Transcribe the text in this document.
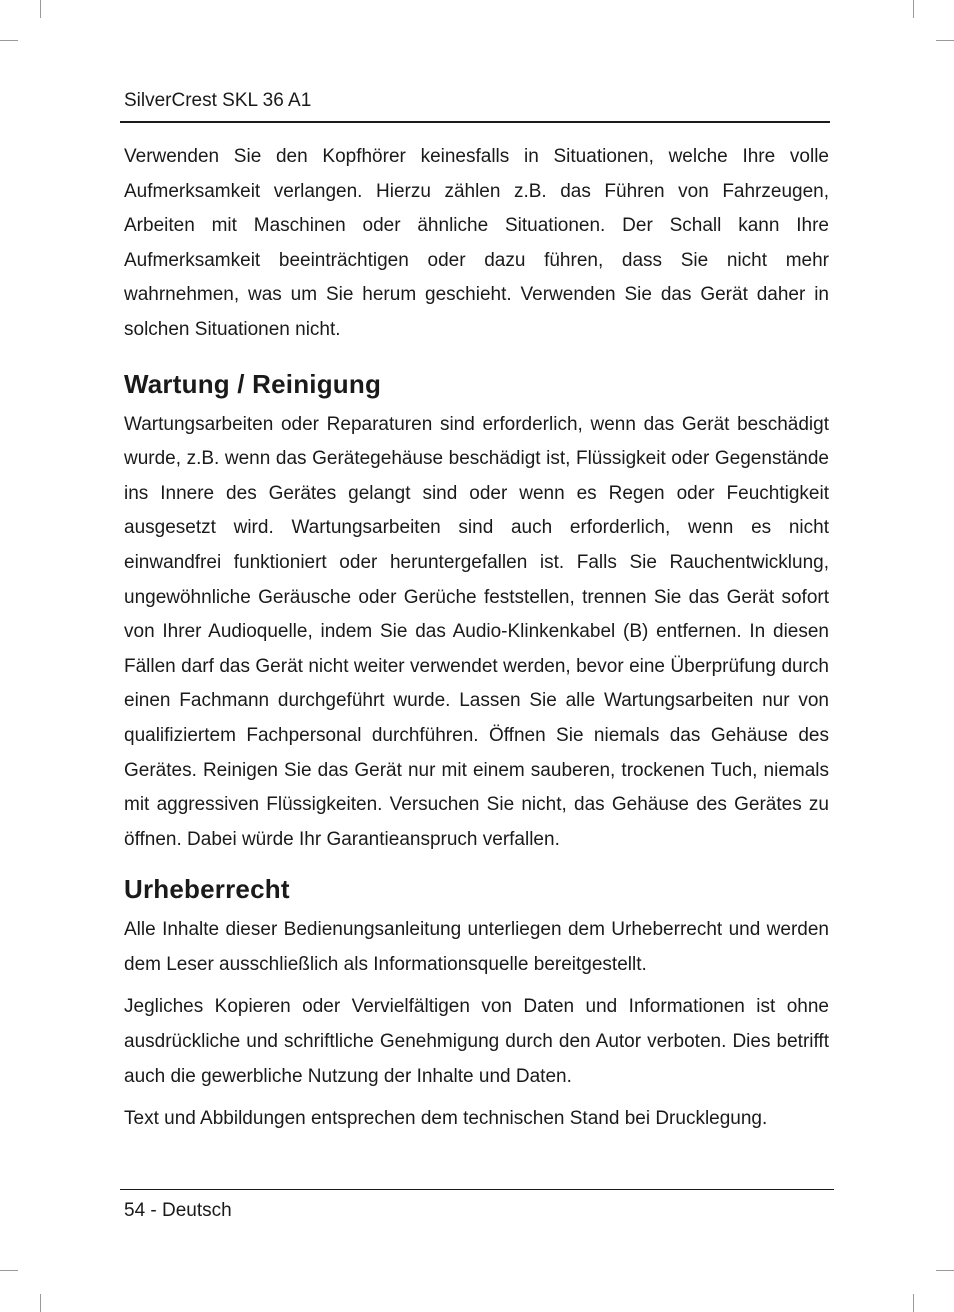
SilverCrest SKL 36 A1

Verwenden Sie den Kopfhörer keinesfalls in Situationen, welche Ihre volle Aufmerksamkeit verlangen. Hierzu zählen z.B. das Führen von Fahrzeugen, Arbeiten mit Maschinen oder ähnliche Situationen. Der Schall kann Ihre Aufmerksamkeit beeinträchtigen oder dazu führen, dass Sie nicht mehr wahrnehmen, was um Sie herum geschieht. Verwenden Sie das Gerät daher in solchen Situationen nicht.

Wartung / Reinigung

Wartungsarbeiten oder Reparaturen sind erforderlich, wenn das Gerät beschädigt wurde, z.B. wenn das Gerätegehäuse beschädigt ist, Flüssigkeit oder Gegenstände ins Innere des Gerätes gelangt sind oder wenn es Regen oder Feuchtigkeit ausgesetzt wird. Wartungsarbeiten sind auch erforderlich, wenn es nicht einwandfrei funktioniert oder heruntergefallen ist. Falls Sie Rauchentwicklung, ungewöhnliche Geräusche oder Gerüche feststellen, trennen Sie das Gerät sofort von Ihrer Audioquelle, indem Sie das Audio-Klinkenkabel (B) entfernen. In diesen Fällen darf das Gerät nicht weiter verwendet werden, bevor eine Überprüfung durch einen Fachmann durchgeführt wurde. Lassen Sie alle Wartungsarbeiten nur von qualifiziertem Fachpersonal durchführen. Öffnen Sie niemals das Gehäuse des Gerätes. Reinigen Sie das Gerät nur mit einem sauberen, trockenen Tuch, niemals mit aggressiven Flüssigkeiten. Versuchen Sie nicht, das Gehäuse des Gerätes zu öffnen. Dabei würde Ihr Garantieanspruch verfallen.

Urheberrecht

Alle Inhalte dieser Bedienungsanleitung unterliegen dem Urheberrecht und werden dem Leser ausschließlich als Informationsquelle bereitgestellt.

Jegliches Kopieren oder Vervielfältigen von Daten und Informationen ist ohne ausdrückliche und schriftliche Genehmigung durch den Autor verboten. Dies betrifft auch die gewerbliche Nutzung der Inhalte und Daten.

Text und Abbildungen entsprechen dem technischen Stand bei Drucklegung.

54 - Deutsch
